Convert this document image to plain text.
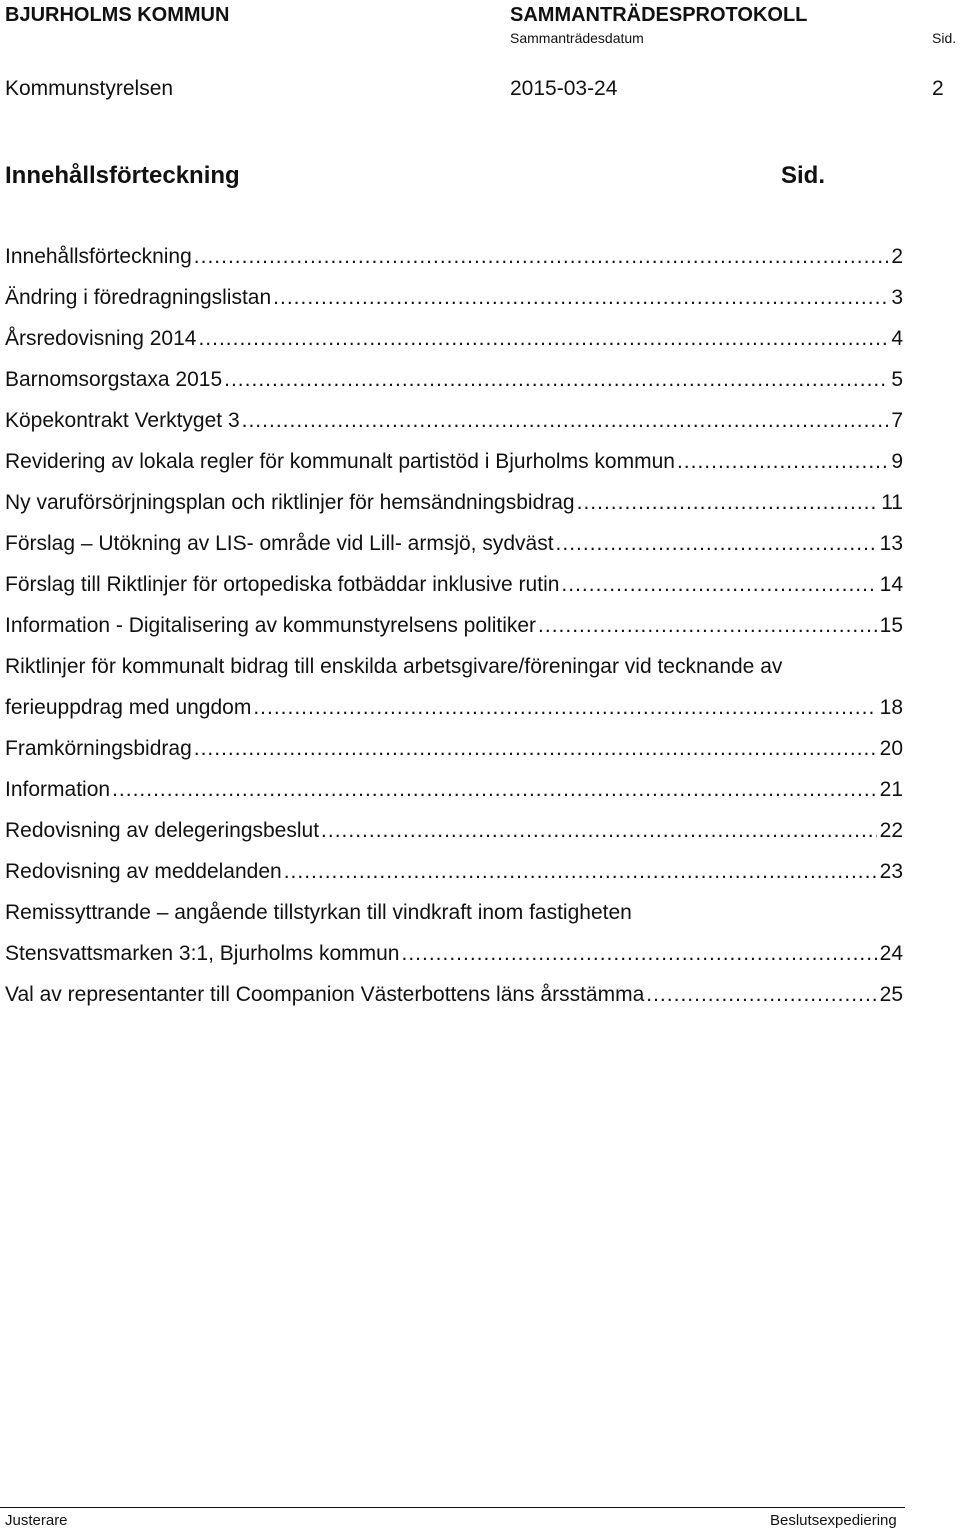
BJURHOLMS KOMMUN	SAMMANTRÄDESPROTOKOLL
Sammanträdesdatum	Sid.
Kommunstyrelsen	2015-03-24	2
Innehållsförteckning	Sid.
Innehållsförteckning .....	2
Ändring i föredragningslistan .....	3
Årsredovisning 2014 .....	4
Barnomsorgstaxa 2015 .....	5
Köpekontrakt Verktyget 3 .....	7
Revidering av lokala regler för kommunalt partistöd i Bjurholms kommun .....	9
Ny varuförsörjningsplan och riktlinjer för hemsändningsbidrag .....	11
Förslag – Utökning av LIS- område vid Lill- armsjö, sydväst .....	13
Förslag till Riktlinjer för ortopediska fotbäddar inklusive rutin .....	14
Information - Digitalisering av kommunstyrelsens politiker .....	15
Riktlinjer för kommunalt bidrag till enskilda arbetsgivare/föreningar vid tecknande av
ferieuppdrag med ungdom .....	18
Framkörningsbidrag .....	20
Information .....	21
Redovisning av delegeringsbeslut .....	22
Redovisning av meddelanden .....	23
Remissyttrande – angående tillstyrkan till vindkraft inom fastigheten
Stensvattsmarken 3:1, Bjurholms kommun .....	24
Val av representanter till Coompanion Västerbottens läns årsstämma .....	25
Justerare	Beslutsexpediering
